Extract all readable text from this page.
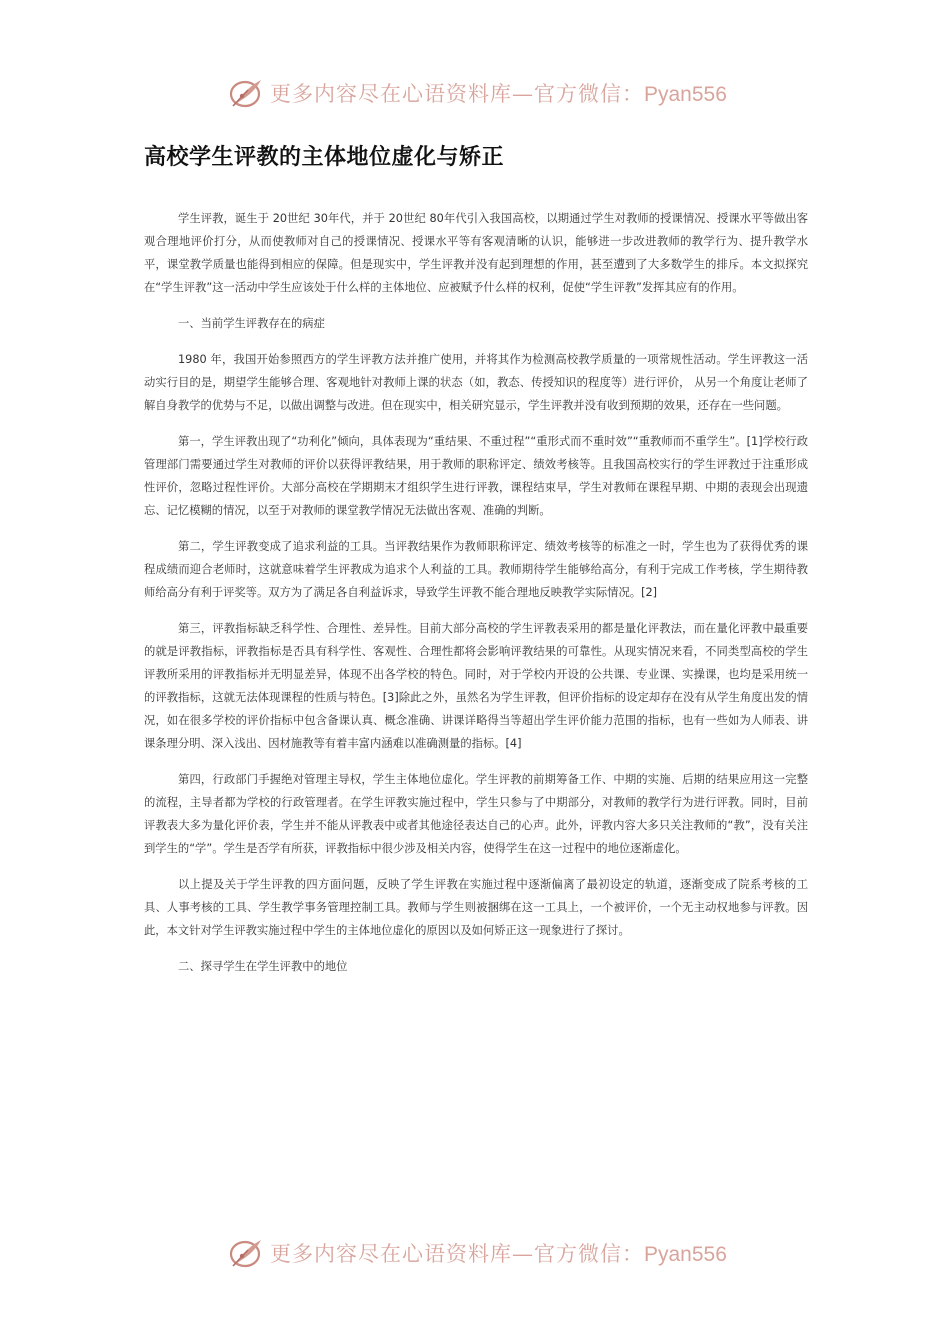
更多内容尽在心语资料库—官方微信：Pyan556
高校学生评教的主体地位虚化与矫正

学生评教，诞生于 20世纪 30年代，并于 20世纪 80年代引入我国高校，以期通过学生对教师的授课情况、授课水平等做出客观合理地评价打分，从而使教师对自己的授课情况、授课水平等有客观清晰的认识，能够进一步改进教师的教学行为、提升教学水平，课堂教学质量也能得到相应的保障。但是现实中，学生评教并没有起到理想的作用，甚至遭到了大多数学生的排斥。本文拟探究在“学生评教”这一活动中学生应该处于什么样的主体地位、应被赋予什么样的权利，促使“学生评教”发挥其应有的作用。

一、当前学生评教存在的病症

1980 年，我国开始参照西方的学生评教方法并推广使用，并将其作为检测高校教学质量的一项常规性活动。学生评教这一活动实行目的是，期望学生能够合理、客观地针对教师上课的状态（如，教态、传授知识的程度等）进行评价， 从另一个角度让老师了解自身教学的优势与不足，以做出调整与改进。但在现实中，相关研究显示，学生评教并没有收到预期的效果，还存在一些问题。

第一，学生评教出现了“功利化”倾向，具体表现为“重结果、不重过程”“重形式而不重时效”“重教师而不重学生”。[1]学校行政管理部门需要通过学生对教师的评价以获得评教结果，用于教师的职称评定、绩效考核等。且我国高校实行的学生评教过于注重形成性评价，忽略过程性评价。大部分高校在学期期末才组织学生进行评教，课程结束早，学生对教师在课程早期、中期的表现会出现遗忘、记忆模糊的情况，以至于对教师的课堂教学情况无法做出客观、准确的判断。

第二，学生评教变成了追求利益的工具。当评教结果作为教师职称评定、绩效考核等的标准之一时，学生也为了获得优秀的课程成绩而迎合老师时，这就意味着学生评教成为追求个人利益的工具。教师期待学生能够给高分，有利于完成工作考核，学生期待教师给高分有利于评奖等。双方为了满足各自利益诉求，导致学生评教不能合理地反映教学实际情况。[2]

第三，评教指标缺乏科学性、合理性、差异性。目前大部分高校的学生评教表采用的都是量化评教法，而在量化评教中最重要的就是评教指标，评教指标是否具有科学性、客观性、合理性都将会影响评教结果的可靠性。从现实情况来看，不同类型高校的学生评教所采用的评教指标并无明显差异，体现不出各学校的特色。同时，对于学校内开设的公共课、专业课、实操课，也均是采用统一的评教指标，这就无法体现课程的性质与特色。[3]除此之外，虽然名为学生评教，但评价指标的设定却存在没有从学生角度出发的情况，如在很多学校的评价指标中包含备课认真、概念准确、讲课详略得当等超出学生评价能力范围的指标，也有一些如为人师表、讲课条理分明、深入浅出、因材施教等有着丰富内涵难以准确测量的指标。[4]

第四，行政部门手握绝对管理主导权，学生主体地位虚化。学生评教的前期筹备工作、中期的实施、后期的结果应用这一完整的流程，主导者都为学校的行政管理者。在学生评教实施过程中，学生只参与了中期部分，对教师的教学行为进行评教。同时，目前评教表大多为量化评价表，学生并不能从评教表中或者其他途径表达自己的心声。此外，评教内容大多只关注教师的“教”，没有关注到学生的“学”。学生是否学有所获，评教指标中很少涉及相关内容，使得学生在这一过程中的地位逐渐虚化。

以上提及关于学生评教的四方面问题，反映了学生评教在实施过程中逐渐偏离了最初设定的轨道，逐渐变成了院系考核的工具、人事考核的工具、学生教学事务管理控制工具。教师与学生则被捆绑在这一工具上，一个被评价，一个无主动权地参与评教。因此，本文针对学生评教实施过程中学生的主体地位虚化的原因以及如何矫正这一现象进行了探讨。

二、探寻学生在学生评教中的地位

更多内容尽在心语资料库—官方微信：Pyan556
